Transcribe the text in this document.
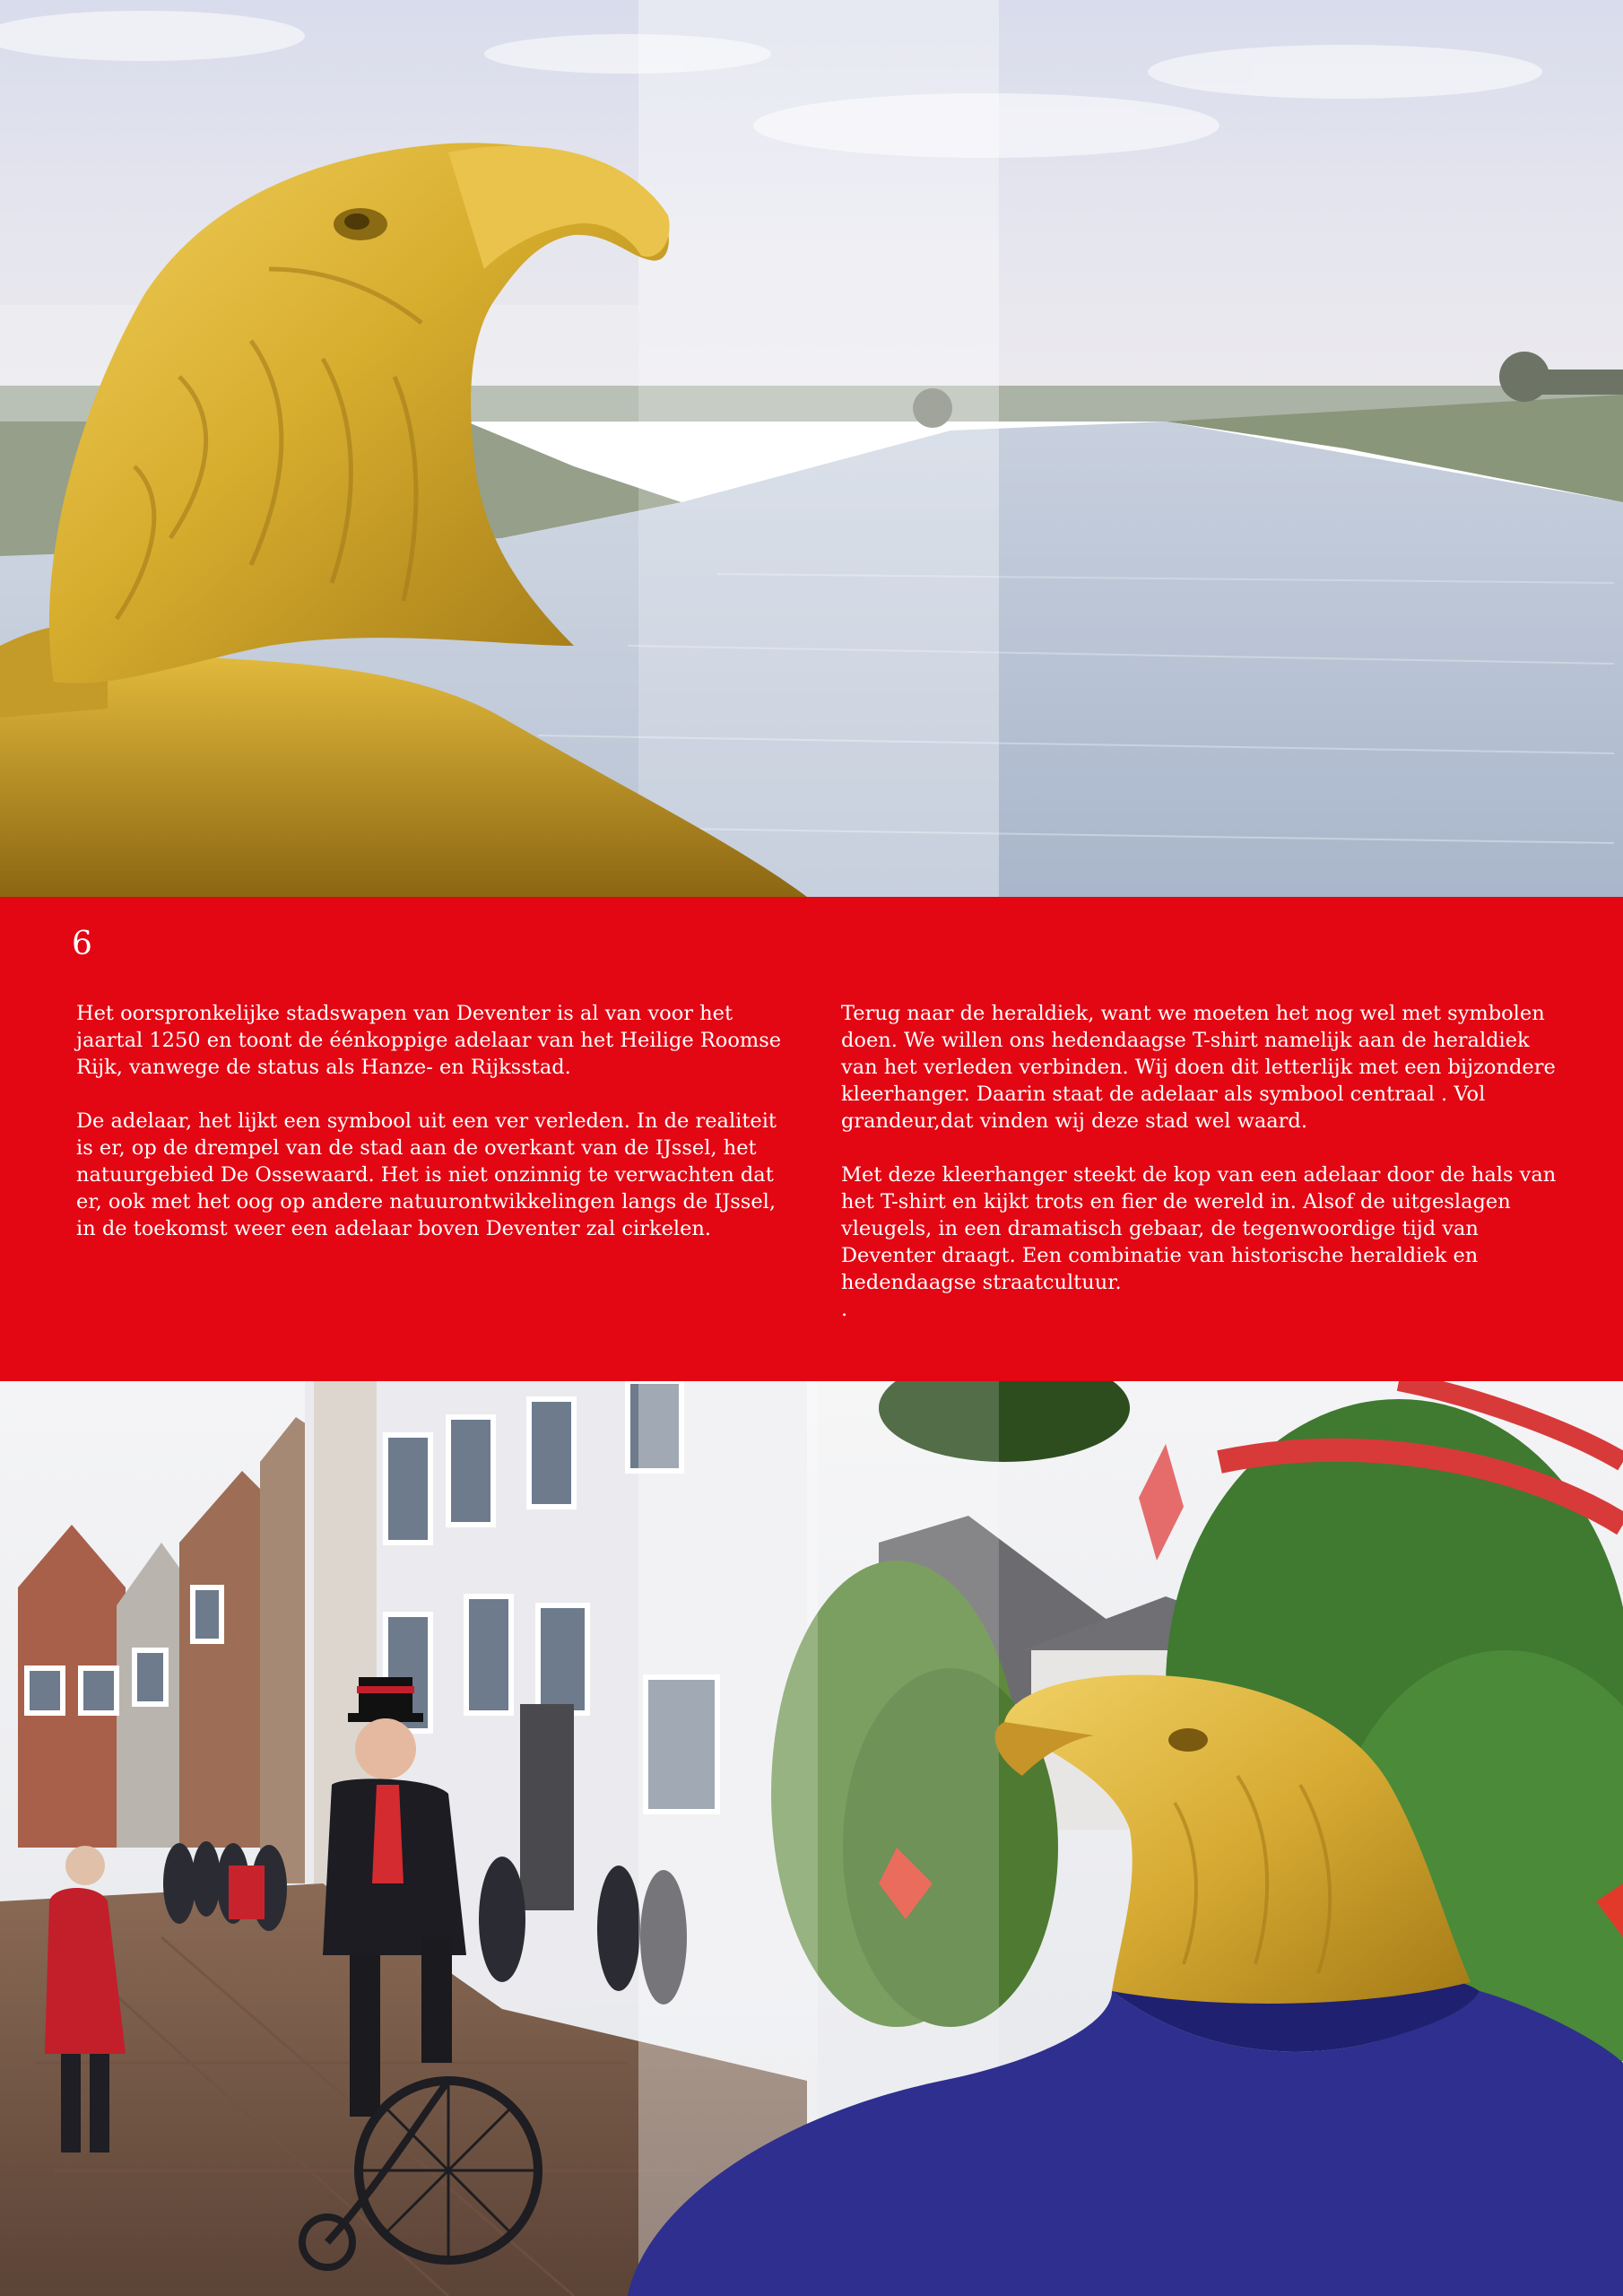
6

Het oorspronkelijke stadswapen van Deventer is al van voor het jaartal 1250 en toont de éénkoppige adelaar van het Heilige Roomse Rijk, vanwege de status als Hanze- en Rijksstad.

De adelaar, het lijkt een symbool uit een ver verleden. In de realiteit is er, op de drempel van de stad aan de overkant van de IJssel, het natuurgebied De Ossewaard. Het is niet onzinnig te verwachten dat er, ook met het oog op andere natuurontwikkelingen langs de IJssel, in de toekomst weer een adelaar boven Deventer zal cirkelen.

Terug naar de heraldiek, want we moeten het nog wel met symbolen doen. We willen ons hedendaagse T-shirt namelijk aan de heraldiek van het verleden verbinden. Wij doen dit letterlijk met een bijzondere kleerhanger. Daarin staat de adelaar als symbool centraal . Vol grandeur,dat vinden wij deze stad wel waard.

Met deze kleerhanger steekt de kop van een adelaar door de hals van het T-shirt en kijkt trots en fier de wereld in. Alsof de uitgeslagen vleugels, in een dramatisch gebaar, de tegenwoordige tijd van Deventer draagt. Een combinatie van historische heraldiek en hedendaagse straatcultuur.

.
